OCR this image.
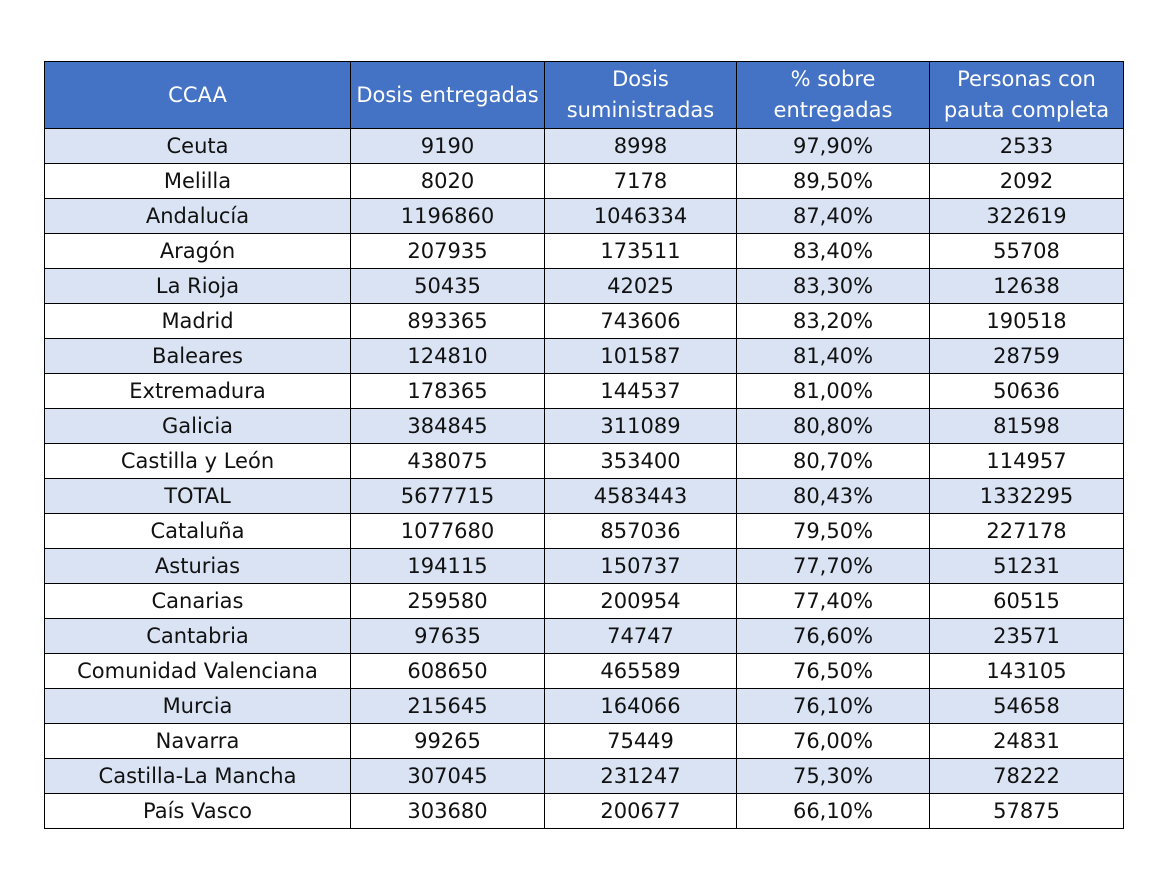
CCAA	Dosis entregadas	Dosis suministradas	% sobre entregadas	Personas con pauta completa
Ceuta	9190	8998	97,90%	2533
Melilla	8020	7178	89,50%	2092
Andalucía	1196860	1046334	87,40%	322619
Aragón	207935	173511	83,40%	55708
La Rioja	50435	42025	83,30%	12638
Madrid	893365	743606	83,20%	190518
Baleares	124810	101587	81,40%	28759
Extremadura	178365	144537	81,00%	50636
Galicia	384845	311089	80,80%	81598
Castilla y León	438075	353400	80,70%	114957
TOTAL	5677715	4583443	80,43%	1332295
Cataluña	1077680	857036	79,50%	227178
Asturias	194115	150737	77,70%	51231
Canarias	259580	200954	77,40%	60515
Cantabria	97635	74747	76,60%	23571
Comunidad Valenciana	608650	465589	76,50%	143105
Murcia	215645	164066	76,10%	54658
Navarra	99265	75449	76,00%	24831
Castilla-La Mancha	307045	231247	75,30%	78222
País Vasco	303680	200677	66,10%	57875
